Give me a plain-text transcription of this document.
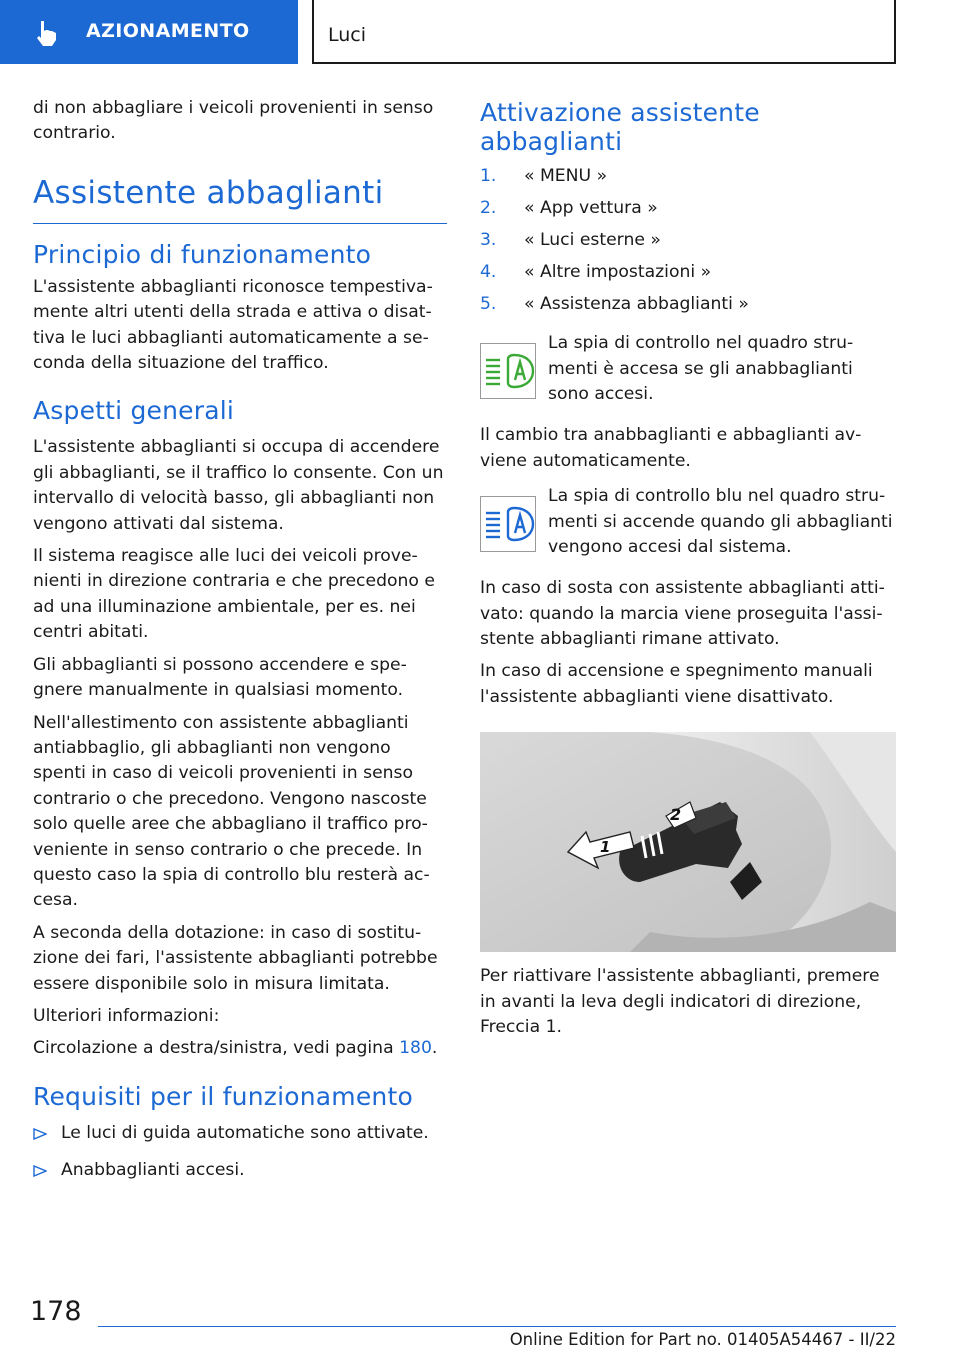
AZIONAMENTO	Luci

di non abbagliare i veicoli provenienti in senso contrario.

Assistente abbaglianti
Principio di funzionamento

L'assistente abbaglianti riconosce tempestivamente altri utenti della strada e attiva o disattiva le luci abbaglianti automaticamente a seconda della situazione del traffico.

Aspetti generali

L'assistente abbaglianti si occupa di accendere gli abbaglianti, se il traffico lo consente. Con un intervallo di velocità basso, gli abbaglianti non vengono attivati dal sistema.

Il sistema reagisce alle luci dei veicoli provenienti in direzione contraria e che precedono e ad una illuminazione ambientale, per es. nei centri abitati.

Gli abbaglianti si possono accendere e spegnere manualmente in qualsiasi momento.

Nell'allestimento con assistente abbaglianti antiabbaglio, gli abbaglianti non vengono spenti in caso di veicoli provenienti in senso contrario o che precedono. Vengono nascoste solo quelle aree che abbagliano il traffico proveniente in senso contrario o che precede. In questo caso la spia di controllo blu resterà accesa.

A seconda della dotazione: in caso di sostituzione dei fari, l'assistente abbaglianti potrebbe essere disponibile solo in misura limitata.

Ulteriori informazioni:

Circolazione a destra/sinistra, vedi pagina 180.

Requisiti per il funzionamento
Le luci di guida automatiche sono attivate.
Anabbaglianti accesi.
Attivazione assistente abbaglianti
1. « MENU »
2. « App vettura »
3. « Luci esterne »
4. « Altre impostazioni »
5. « Assistenza abbaglianti »

La spia di controllo nel quadro strumenti è accesa se gli anabbaglianti sono accesi.

Il cambio tra anabbaglianti e abbaglianti avviene automaticamente.

La spia di controllo blu nel quadro strumenti si accende quando gli abbaglianti vengono accesi dal sistema.

In caso di sosta con assistente abbaglianti attivato: quando la marcia viene proseguita l'assistente abbaglianti rimane attivato.

In caso di accensione e spegnimento manuali l'assistente abbaglianti viene disattivato.

1
2

Per riattivare l'assistente abbaglianti, premere in avanti la leva degli indicatori di direzione, Freccia 1.

178
Online Edition for Part no. 01405A54467 - II/22
